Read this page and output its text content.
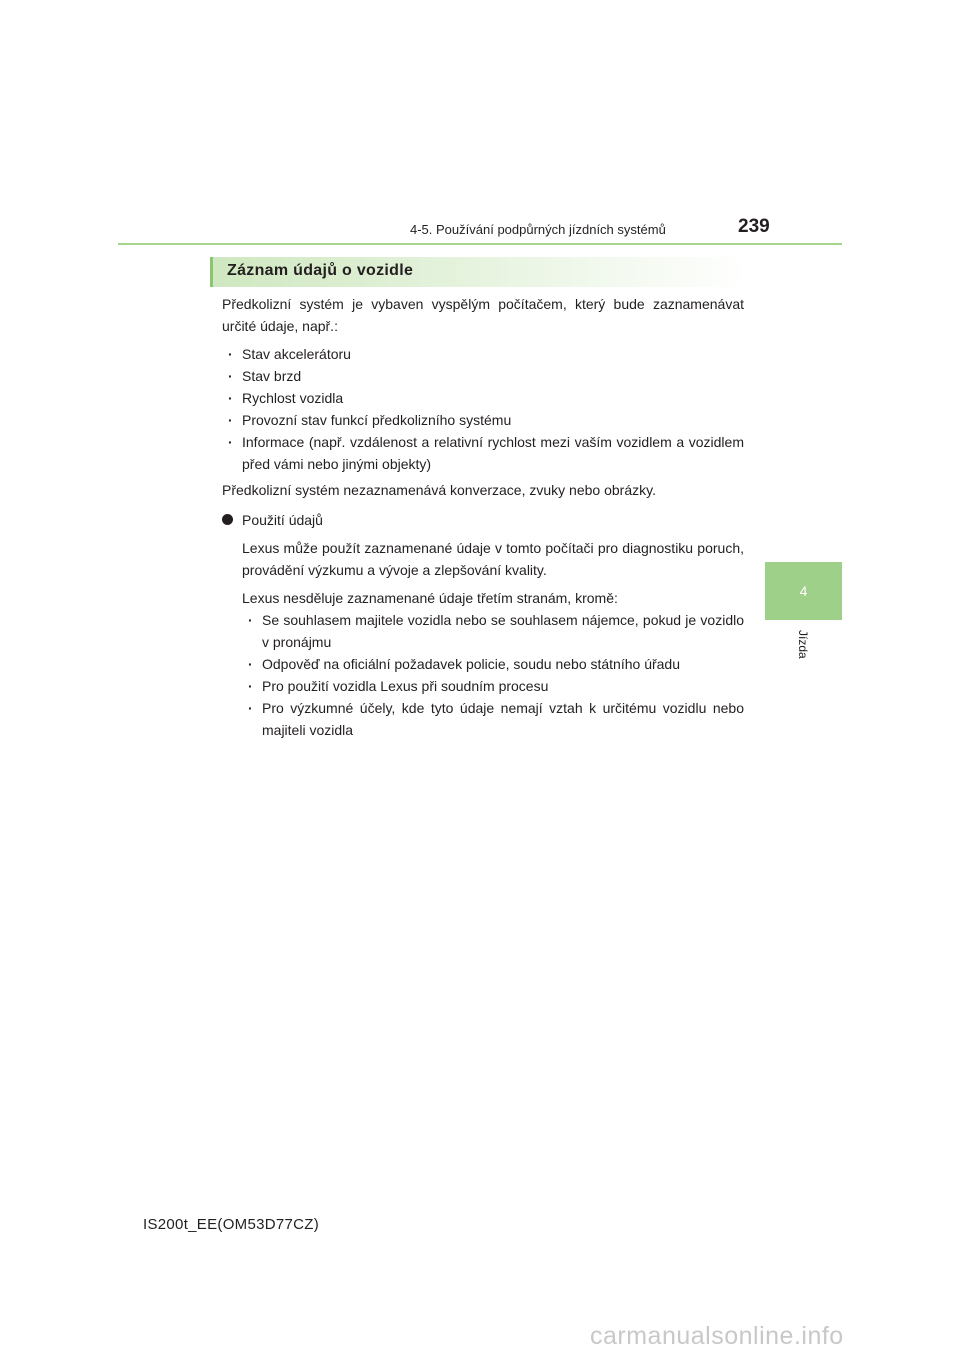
4-5. Používání podpůrných jízdních systémů	239
4
Jízda
Záznam údajů o vozidle

Předkolizní systém je vybaven vyspělým počítačem, který bude zaznamenávat určité údaje, např.:

· Stav akcelerátoru
· Stav brzd
· Rychlost vozidla
· Provozní stav funkcí předkolizního systému
· Informace (např. vzdálenost a relativní rychlost mezi vaším vozidlem a vozidlem před vámi nebo jinými objekty)

Předkolizní systém nezaznamenává konverzace, zvuky nebo obrázky.

Použití údajů

Lexus může použít zaznamenané údaje v tomto počítači pro diagnostiku poruch, provádění výzkumu a vývoje a zlepšování kvality.

Lexus nesděluje zaznamenané údaje třetím stranám, kromě:

· Se souhlasem majitele vozidla nebo se souhlasem nájemce, pokud je vozidlo v pronájmu
· Odpověď na oficiální požadavek policie, soudu nebo státního úřadu
· Pro použití vozidla Lexus při soudním procesu
· Pro výzkumné účely, kde tyto údaje nemají vztah k určitému vozidlu nebo majiteli vozidla
IS200t_EE(OM53D77CZ)
carmanualsonline.info
